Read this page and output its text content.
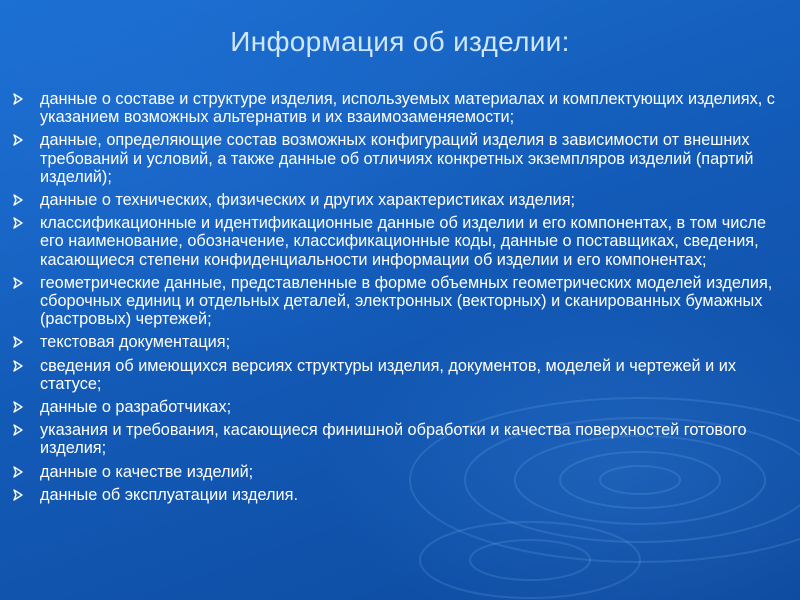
Информация об изделии:
данные о составе и структуре изделия, используемых материалах и комплектующих изделиях, с указанием возможных альтернатив и их взаимозаменяемости;
данные, определяющие состав возможных конфигураций изделия в зависимости от внешних требований и условий, а также данные об отличиях конкретных экземпляров изделий (партий изделий);
данные о технических, физических и других характеристиках изделия;
классификационные и идентификационные данные об изделии и его компонентах, в том числе его наименование, обозначение, классификационные коды, данные о поставщиках, сведения, касающиеся степени конфиденциальности информации об изделии и его компонентах;
геометрические данные, представленные в форме объемных геометрических моделей изделия, сборочных единиц и отдельных деталей, электронных (векторных) и сканированных бумажных (растровых) чертежей;
текстовая документация;
сведения об имеющихся версиях структуры изделия, документов, моделей и чертежей и их статусе;
данные о разработчиках;
указания и требования, касающиеся финишной обработки и качества поверхностей готового изделия;
данные о качестве изделий;
данные об эксплуатации изделия.
